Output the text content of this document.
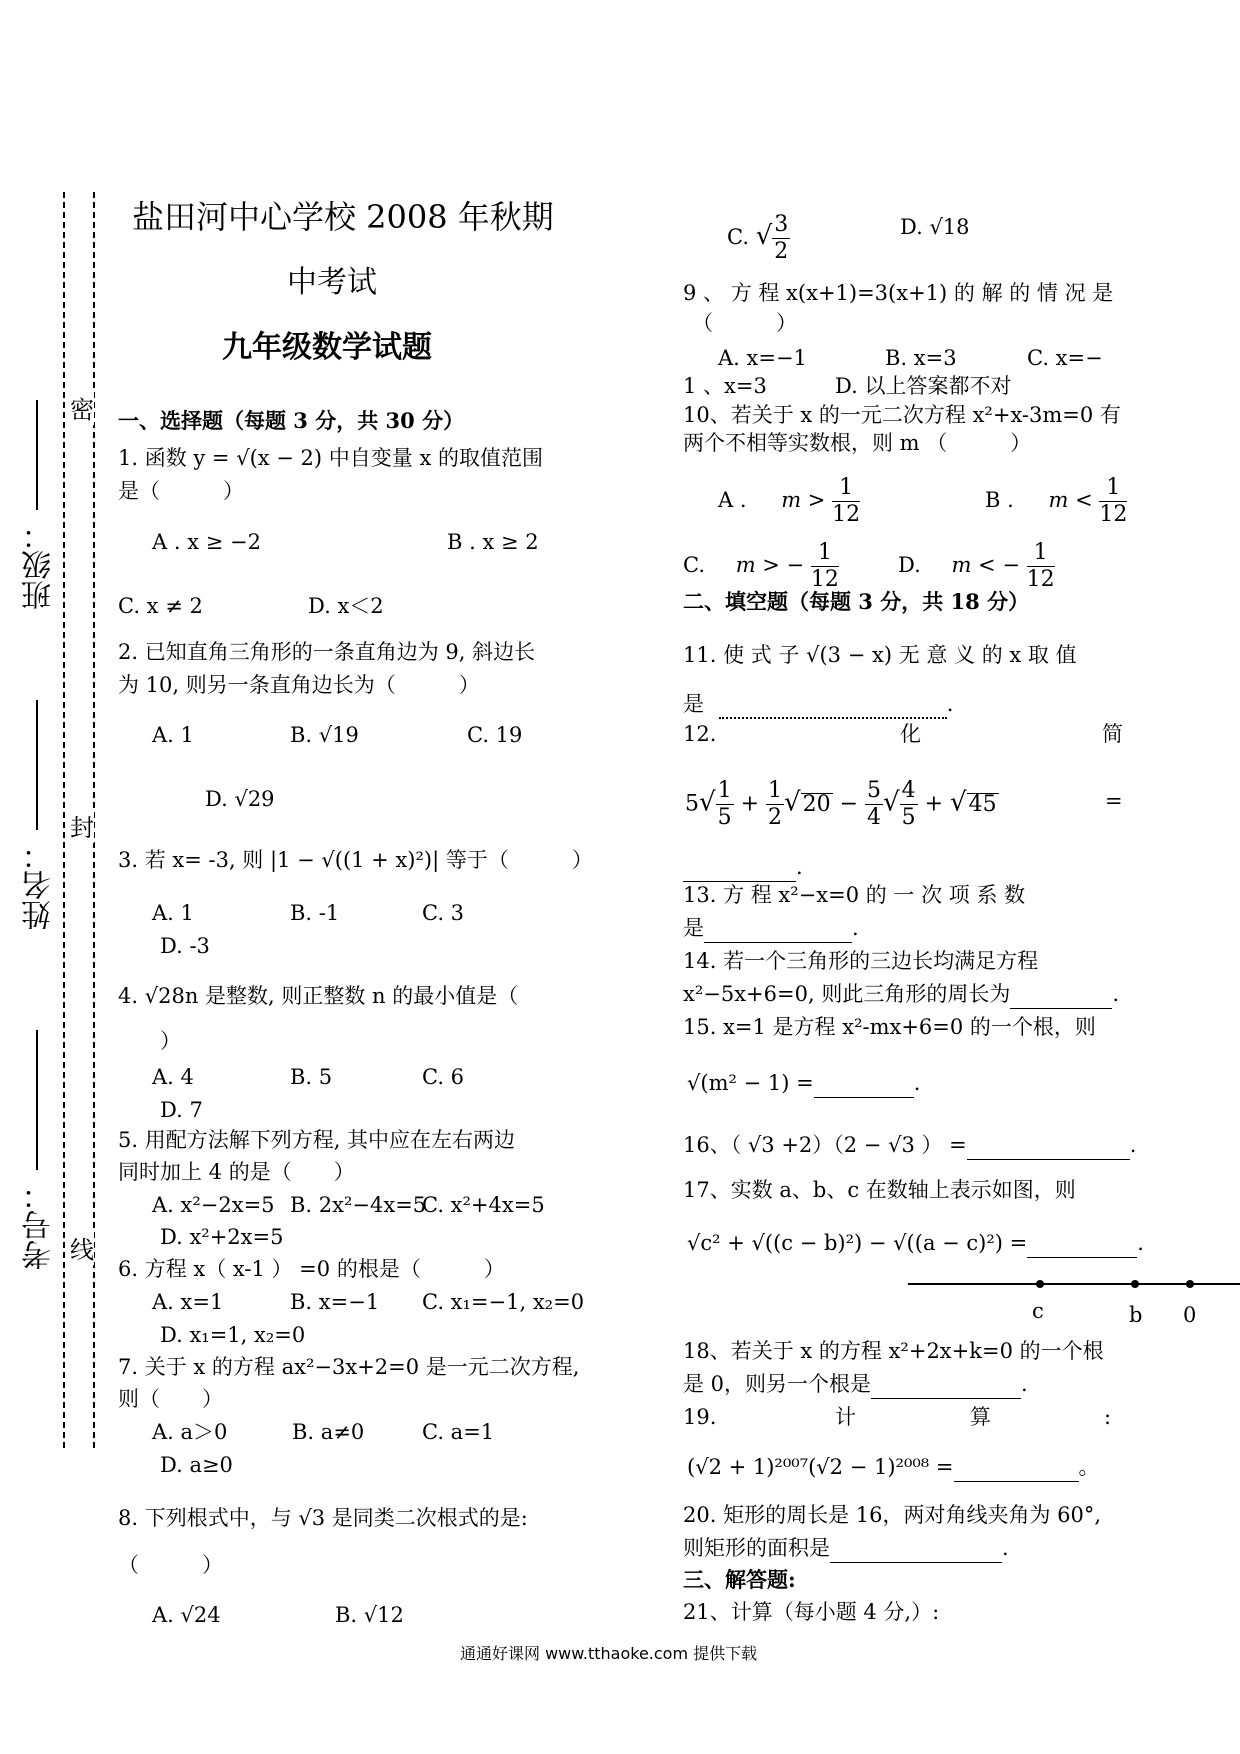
班级：
姓名：
考号：
密
封
线
盐田河中心学校 2008 年秋期
中考试
九年级数学试题
一、选择题（每题 3 分，共 30 分）
1. 函数 y = √(x − 2) 中自变量 x 的取值范围
是（　　　）
A . x ≥ −2	B . x ≥ 2
C. x ≠ 2	D. x＜2
2. 已知直角三角形的一条直角边为 9, 斜边长
为 10, 则另一条直角边长为（　　　）
A. 1	B. √19	C. 19
D. √29
3. 若 x= -3, 则 |1 − √((1 + x)²)| 等于（　　　）
A. 1	B. -1	C. 3
D. -3
4. √28n 是整数, 则正整数 n 的最小值是（
）
A. 4	B. 5	C. 6
D. 7
5. 用配方法解下列方程, 其中应在左右两边
同时加上 4 的是（　　）
A. x²−2x=5 B. 2x²−4x=5
C. x²+4x=5
D. x²+2x=5
6. 方程 x（ x-1 ） =0 的根是（　　　）
A. x=1	B. x=−1 C. x₁=−1, x₂=0
D. x₁=1, x₂=0
7. 关于 x 的方程 ax²−3x+2=0 是一元二次方程,
则（　　）
A. a＞0	B. a≠0	C. a=1
D. a≥0
8. 下列根式中，与 √3 是同类二次根式的是:
（　　　）
A. √24	B. √12
C. √ $\frac{3}{2}$	D. √18
9 、 方 程 x(x+1)=3(x+1) 的 解 的 情 况 是
（　　　）
A. x=−1	B. x=3	C. x=−
1 、x=3	D. 以上答案都不对
10、若关于 x 的一元二次方程 x²+x-3m=0 有
两个不相等实数根，则 m （　　　）
A . $m > \frac{1}{12}$	B . $m < \frac{1}{12}$
C. m > − $\frac{1}{12}$	D. m < − $\frac{1}{12}$
二、填空题（每题 3 分，共 18 分）
11. 使 式 子 √(3 − x) 无 意 义 的 x 取 值
是	.
12.	化	简
$5√ \frac{1}{5} + \frac{1}{2} √20 - \frac{5}{4}$ √ $\frac{4}{5} + √45$	=
.
13. 方 程 x²−x=0 的 一 次 项 系 数
是	.
14. 若一个三角形的三边长均满足方程
x²−5x+6=0, 则此三角形的周长为	.
15. x=1 是方程 x²-mx+6=0 的一个根，则
√(m² − 1) =	.
16、（ √3 +2）（2 − √3 ） =	.
17、实数 a、b、c 在数轴上表示如图，则
√c² + √((c − b)²) − √((a − c)²) =	.
c	b 0
18、若关于 x 的方程 x²+2x+k=0 的一个根
是 0，则另一个根是	.
19.	计	算	:
(√2 + 1)²⁰⁰⁷(√2 − 1)²⁰⁰⁸ =	。
20. 矩形的周长是 16，两对角线夹角为 60°,
则矩形的面积是	.
三、解答题:
21、计算（每小题 4 分,）:
通通好课网 www.tthaoke.com 提供下载
